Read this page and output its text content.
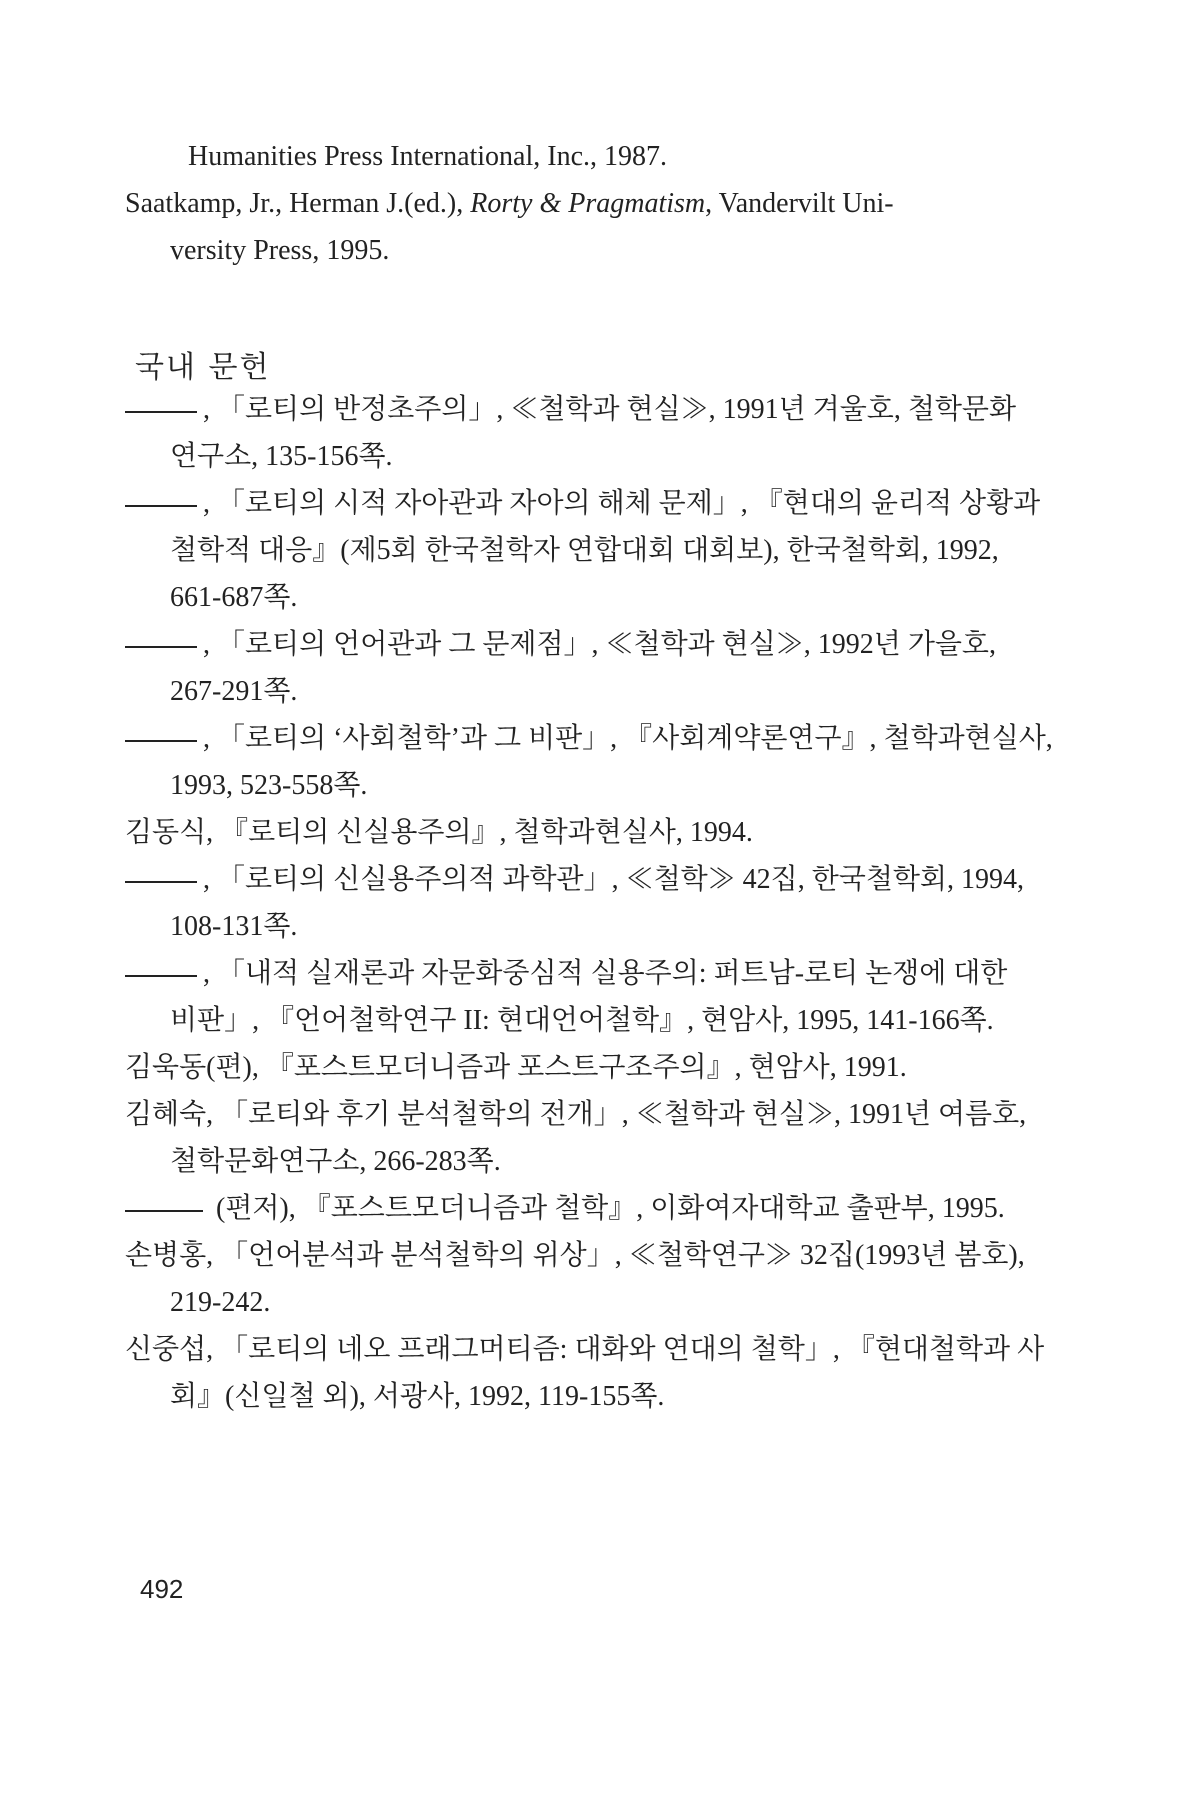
Humanities Press International, Inc., 1987.
Saatkamp, Jr., Herman J.(ed.), Rorty & Pragmatism, Vandervilt Uni-
versity Press, 1995.
국내 문헌
, 「로티의 반정초주의」, ≪철학과 현실≫, 1991년 겨울호, 철학문화
연구소, 135-156쪽.
, 「로티의 시적 자아관과 자아의 해체 문제」, 『현대의 윤리적 상황과
철학적 대응』(제5회 한국철학자 연합대회 대회보), 한국철학회, 1992,
661-687쪽.
, 「로티의 언어관과 그 문제점」, ≪철학과 현실≫, 1992년 가을호,
267-291쪽.
, 「로티의 ‘사회철학’과 그 비판」, 『사회계약론연구』, 철학과현실사,
1993, 523-558쪽.
김동식, 『로티의 신실용주의』, 철학과현실사, 1994.
, 「로티의 신실용주의적 과학관」, ≪철학≫ 42집, 한국철학회, 1994,
108-131쪽.
, 「내적 실재론과 자문화중심적 실용주의: 퍼트남-로티 논쟁에 대한
비판」, 『언어철학연구 II: 현대언어철학』, 현암사, 1995, 141-166쪽.
김욱동(편), 『포스트모더니즘과 포스트구조주의』, 현암사, 1991.
김혜숙, 「로티와 후기 분석철학의 전개」, ≪철학과 현실≫, 1991년 여름호,
철학문화연구소, 266-283쪽.
(편저), 『포스트모더니즘과 철학』, 이화여자대학교 출판부, 1995.
손병홍, 「언어분석과 분석철학의 위상」, ≪철학연구≫ 32집(1993년 봄호),
219-242.
신중섭, 「로티의 네오 프래그머티즘: 대화와 연대의 철학」, 『현대철학과 사
회』(신일철 외), 서광사, 1992, 119-155쪽.
492
